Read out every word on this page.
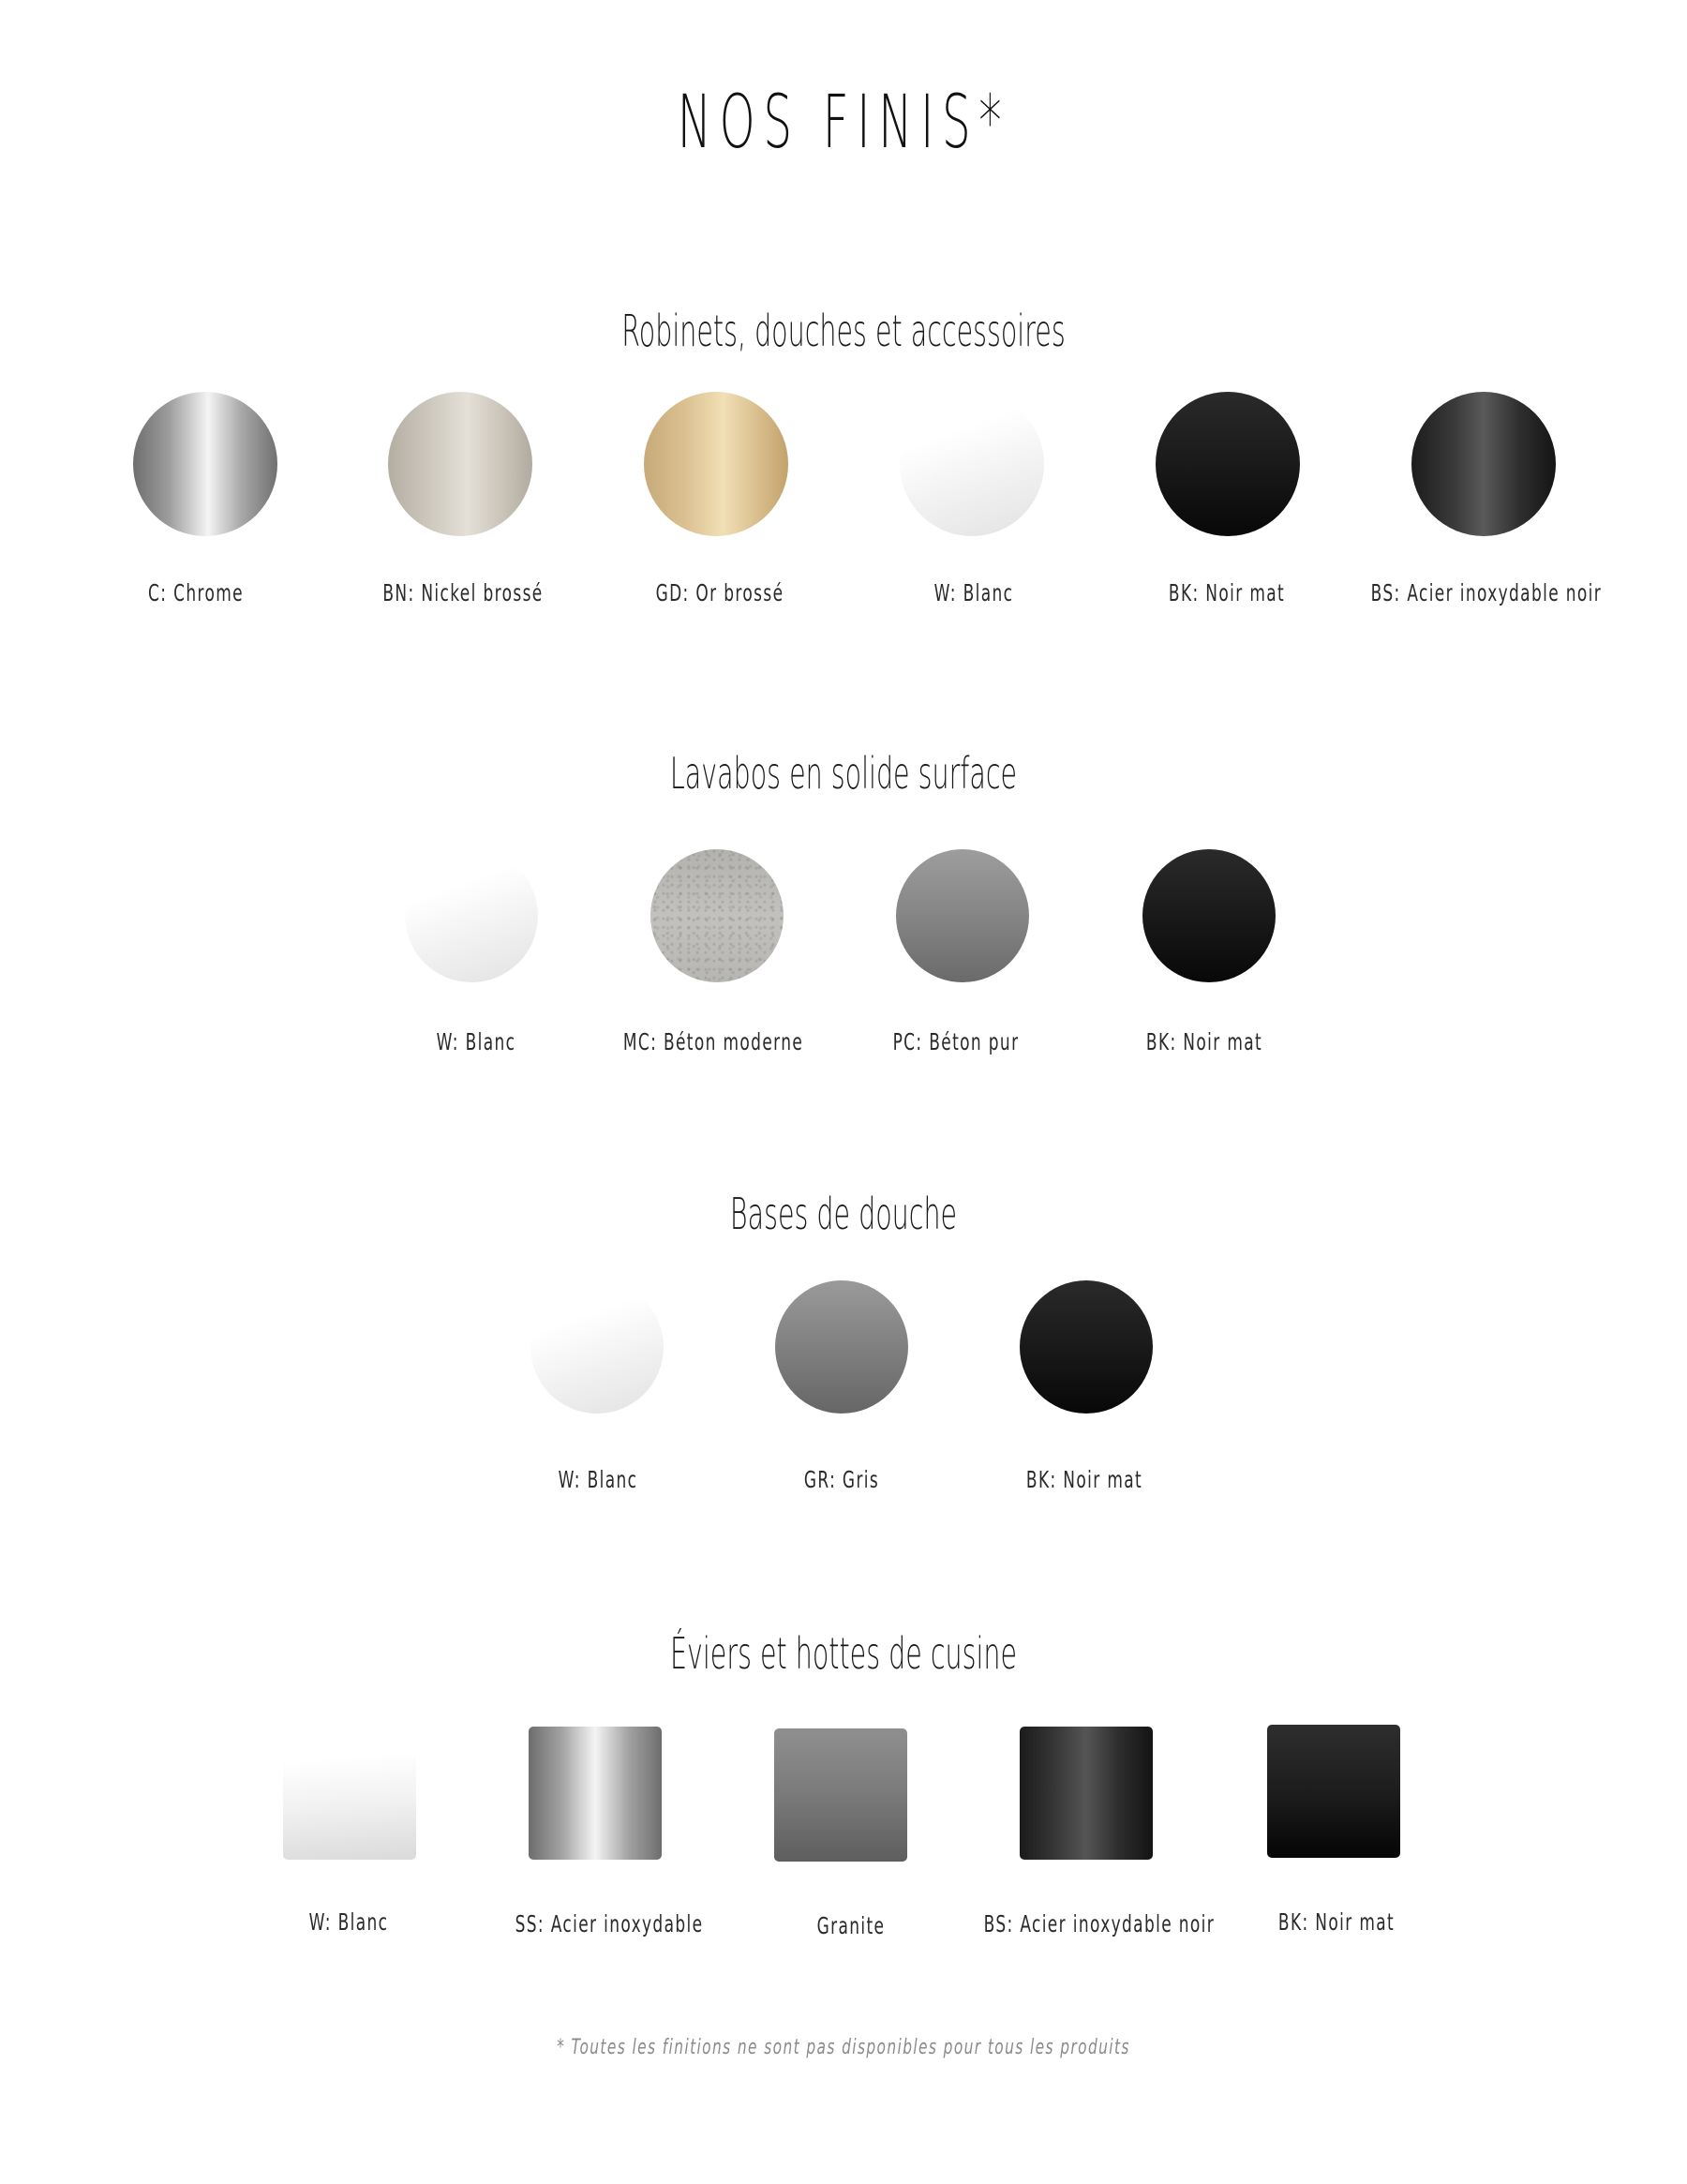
NOS FINIS*
Robinets, douches et accessoires
C: Chrome	BN: Nickel brossé	GD: Or brossé	W: Blanc	BK: Noir mat	BS: Acier inoxydable noir
Lavabos en solide surface
W: Blanc	MC: Béton moderne	PC: Béton pur	BK: Noir mat
Bases de douche
W: Blanc	GR: Gris	BK: Noir mat
Éviers et hottes de cusine
W: Blanc	SS: Acier inoxydable	Granite	BS: Acier inoxydable noir	BK: Noir mat
* Toutes les finitions ne sont pas disponibles pour tous les produits
